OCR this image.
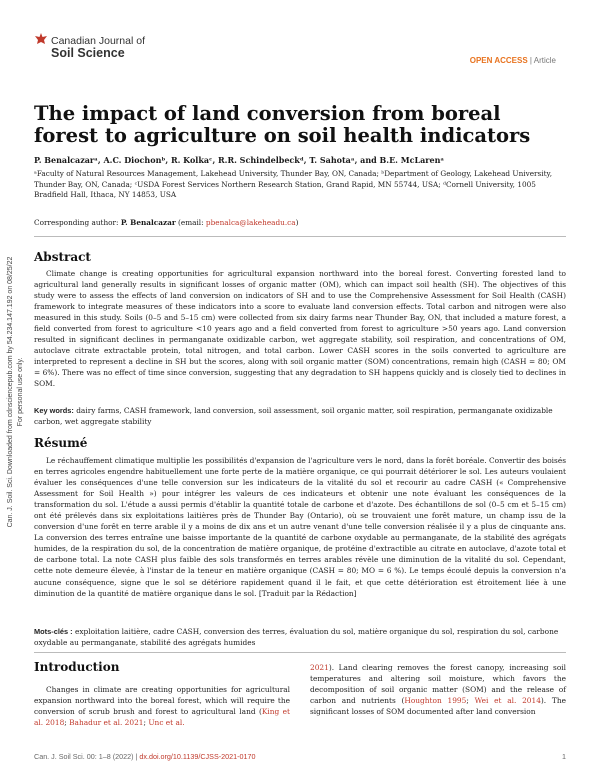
Canadian Journal of
Soil Science
OPEN ACCESS | Article
Can. J. Soil. Sci. Downloaded from cdnsciencepub.com by 54.234.147.192 on 08/25/22 For personal use only.
The impact of land conversion from boreal forest to agriculture on soil health indicators
P. Benalcazarᵃ, A.C. Diochonᵇ, R. Kolkaᶜ, R.R. Schindelbeckᵈ, T. Sahotaᵃ, and B.E. McLarenᵃ
ᵃFaculty of Natural Resources Management, Lakehead University, Thunder Bay, ON, Canada; ᵇDepartment of Geology, Lakehead University, Thunder Bay, ON, Canada; ᶜUSDA Forest Services Northern Research Station, Grand Rapid, MN 55744, USA; ᵈCornell University, 1005 Bradfield Hall, Ithaca, NY 14853, USA
Corresponding author: P. Benalcazar (email: pbenalca@lakeheadu.ca)
Abstract

Climate change is creating opportunities for agricultural expansion northward into the boreal forest. Converting forested land to agricultural land generally results in significant losses of organic matter (OM), which can impact soil health (SH). The objectives of this study were to assess the effects of land conversion on indicators of SH and to use the Comprehensive Assessment for Soil Health (CASH) framework to integrate measures of these indicators into a score to evaluate land conversion effects. Total carbon and nitrogen were also measured in this study. Soils (0–5 and 5–15 cm) were collected from six dairy farms near Thunder Bay, ON, that included a mature forest, a field converted from forest to agriculture <10 years ago and a field converted from forest to agriculture >50 years ago. Land conversion resulted in significant declines in permanganate oxidizable carbon, wet aggregate stability, soil respiration, and concentrations of OM, autoclave citrate extractable protein, total nitrogen, and total carbon. Lower CASH scores in the soils converted to agriculture are interpreted to represent a decline in SH but the scores, along with soil organic matter (SOM) concentrations, remain high (CASH = 80; OM = 6%). There was no effect of time since conversion, suggesting that any degradation to SH happens quickly and is closely tied to declines in SOM.

Key words: dairy farms, CASH framework, land conversion, soil assessment, soil organic matter, soil respiration, permanganate oxidizable carbon, wet aggregate stability
Résumé

Le réchauffement climatique multiplie les possibilités d'expansion de l'agriculture vers le nord, dans la forêt boréale. Convertir des boisés en terres agricoles engendre habituellement une forte perte de la matière organique, ce qui pourrait détériorer le sol. Les auteurs voulaient évaluer les conséquences d'une telle conversion sur les indicateurs de la vitalité du sol et recourir au cadre CASH (« Comprehensive Assessment for Soil Health ») pour intégrer les valeurs de ces indicateurs et obtenir une note évaluant les conséquences de la transformation du sol. L'étude a aussi permis d'établir la quantité totale de carbone et d'azote. Des échantillons de sol (0–5 cm et 5–15 cm) ont été prélevés dans six exploitations laitières près de Thunder Bay (Ontario), où se trouvaient une forêt mature, un champ issu de la conversion d'une forêt en terre arable il y a moins de dix ans et un autre venant d'une telle conversion réalisée il y a plus de cinquante ans. La conversion des terres entraîne une baisse importante de la quantité de carbone oxydable au permanganate, de la stabilité des agrégats humides, de la respiration du sol, de la concentration de matière organique, de protéine d'extractible au citrate en autoclave, d'azote total et de carbone total. La note CASH plus faible des sols transformés en terres arables révèle une diminution de la vitalité du sol. Cependant, cette note demeure élevée, à l'instar de la teneur en matière organique (CASH = 80; MO = 6 %). Le temps écoulé depuis la conversion n'a aucune conséquence, signe que le sol se détériore rapidement quand il le fait, et que cette détérioration est étroitement liée à une diminution de la quantité de matière organique dans le sol. [Traduit par la Rédaction]

Mots-clés : exploitation laitière, cadre CASH, conversion des terres, évaluation du sol, matière organique du sol, respiration du sol, carbone oxydable au permanganate, stabilité des agrégats humides
Introduction
Changes in climate are creating opportunities for agricultural expansion northward into the boreal forest, which will require the conversion of scrub brush and forest to agricultural land (King et al. 2018; Bahadur et al. 2021; Unc et al.
2021). Land clearing removes the forest canopy, increasing soil temperatures and altering soil moisture, which favors the decomposition of soil organic matter (SOM) and the release of carbon and nutrients (Houghton 1995; Wei et al. 2014). The significant losses of SOM documented after land conversion
Can. J. Soil Sci. 00: 1–8 (2022) | dx.doi.org/10.1139/CJSS-2021-0170	1
